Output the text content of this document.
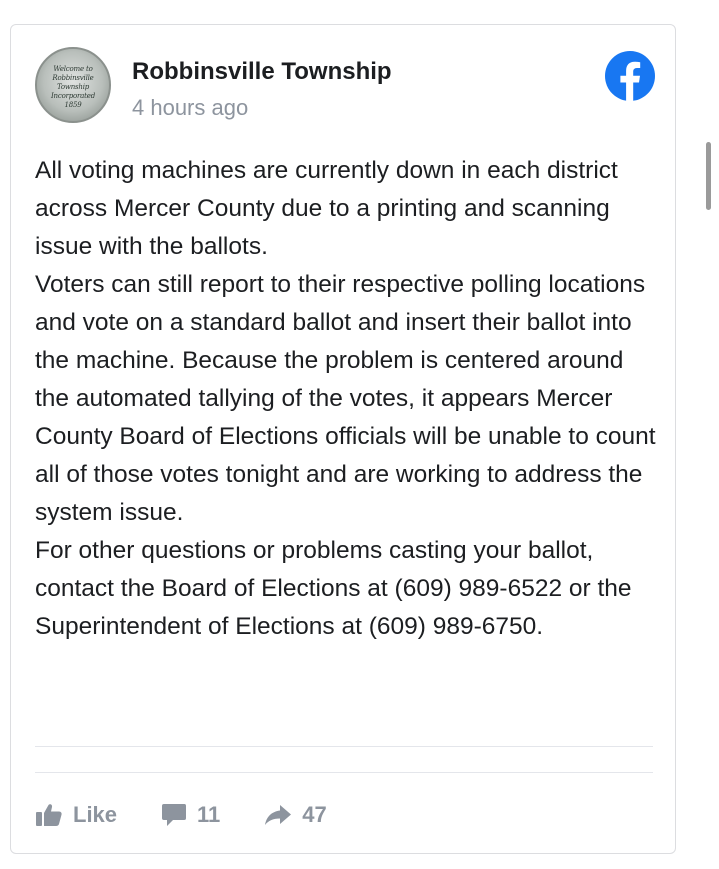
Welcome to
Robbinsville
Township
Incorporated
1859
Robbinsville Township
4 hours ago

All voting machines are currently down in each district across Mercer County due to a printing and scanning issue with the ballots.

Voters can still report to their respective polling locations and vote on a standard ballot and insert their ballot into the machine. Because the problem is centered around the automated tallying of the votes, it appears Mercer County Board of Elections officials will be unable to count all of those votes tonight and are working to address the system issue.

For other questions or problems casting your ballot, contact the Board of Elections at (609) 989-6522 or the Superintendent of Elections at (609) 989-6750.

Like	11	47
